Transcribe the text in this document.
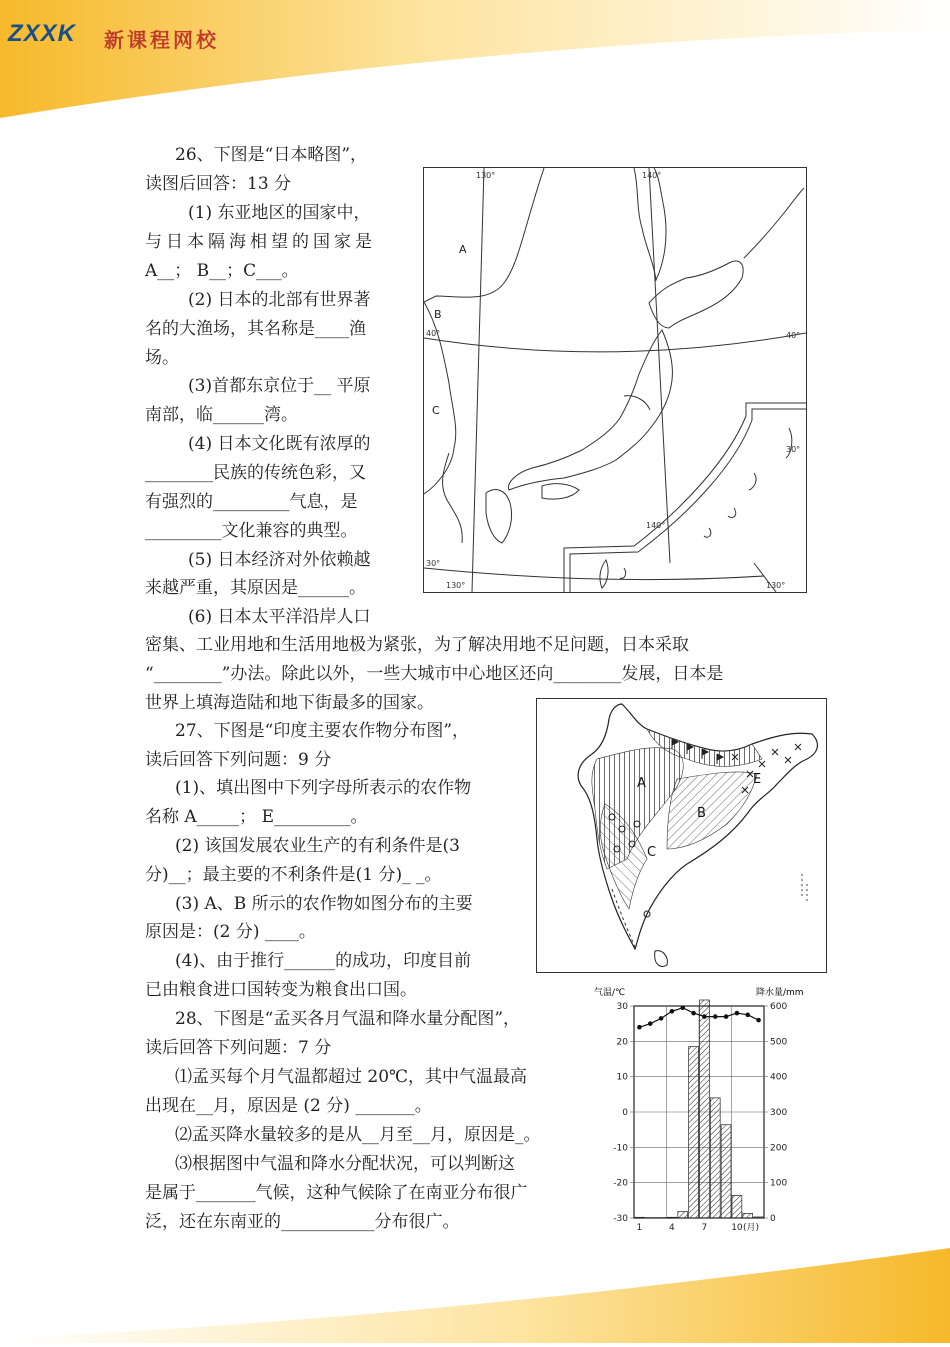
ZXXK 新课程网校
26、下图是“日本略图”，
读图后回答：13 分
(1) 东亚地区的国家中，
与日本隔海相望的国家是
A__； B__；C___。
(2) 日本的北部有世界著
名的大渔场，其名称是____渔
场。
(3)首都东京位于__ 平原
南部，临______湾。
(4) 日本文化既有浓厚的
________民族的传统色彩，又
有强烈的_________气息，是
_________文化兼容的典型。
(5) 日本经济对外依赖越
来越严重，其原因是______。
(6) 日本太平洋沿岸人口
密集、工业用地和生活用地极为紧张，为了解决用地不足问题，日本采取
“________”办法。除此以外，一些大城市中心地区还向________发展，日本是
世界上填海造陆和地下街最多的国家。
A
B
C
130°	140°
40°	40°
30°
140°
30°
130°	130°
27、下图是“印度主要农作物分布图”，
读后回答下列问题：9 分
(1)、填出图中下列字母所表示的农作物
名称 A_____； E_________。
(2) 该国发展农业生产的有利条件是(3
分)__；最主要的不利条件是(1 分)_ _。
(3) A、B 所示的农作物如图分布的主要
原因是：(2 分) ____。
(4)、由于推行______的成功，印度目前
已由粮食进口国转变为粮食出口国。
A
B
C
E
28、下图是“孟买各月气温和降水量分配图”，
读后回答下列问题：7 分
⑴孟买每个月气温都超过 20℃，其中气温最高
出现在__月，原因是 (2 分) _______。
⑵孟买降水量较多的是从__月至__月，原因是_。
⑶根据图中气温和降水分配状况，可以判断这
是属于_______气候，这种气候除了在南亚分布很广
泛，还在东南亚的___________分布很广。
气温/℃	降水量/mm
30
20
10
0
-10
-20
-30
600
500
400
300
200
100
0
1	4	7	10 (月)
